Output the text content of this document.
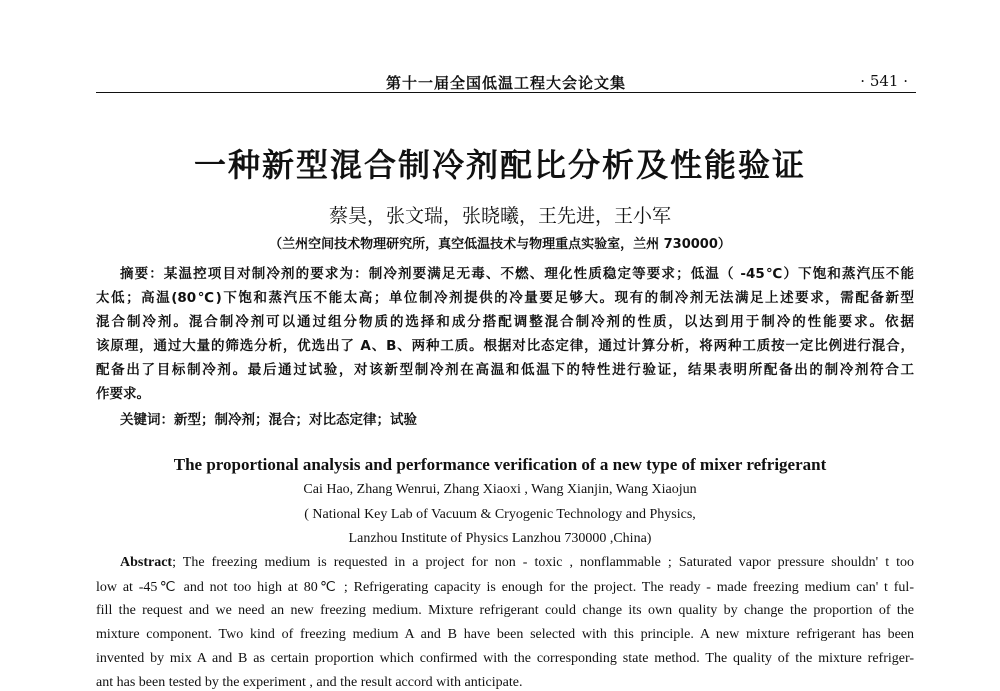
第十一届全国低温工程大会论文集	· 541 ·
一种新型混合制冷剂配比分析及性能验证
蔡昊，张文瑞，张晓曦，王先进，王小军
（兰州空间技术物理研究所，真空低温技术与物理重点实验室，兰州 730000）
摘要：某温控项目对制冷剂的要求为：制冷剂要满足无毒、不燃、理化性质稳定等要求；低温（ -45℃）下饱和蒸汽压不能
太低；高温(80℃)下饱和蒸汽压不能太高；单位制冷剂提供的冷量要足够大。现有的制冷剂无法满足上述要求，需配备新型
混合制冷剂。混合制冷剂可以通过组分物质的选择和成分搭配调整混合制冷剂的性质，以达到用于制冷的性能要求。依据
该原理，通过大量的筛选分析，优选出了 A、B、两种工质。根据对比态定律，通过计算分析，将两种工质按一定比例进行混合，
配备出了目标制冷剂。最后通过试验，对该新型制冷剂在高温和低温下的特性进行验证，结果表明所配备出的制冷剂符合工
作要求。
关键词：新型；制冷剂；混合；对比态定律；试验
The proportional analysis and performance verification of a new type of mixer refrigerant
Cai Hao, Zhang Wenrui, Zhang Xiaoxi , Wang Xianjin, Wang Xiaojun
( National Key Lab of Vacuum & Cryogenic Technology and Physics,
Lanzhou Institute of Physics Lanzhou 730000 ,China)
Abstract; The freezing medium is requested in a project for non - toxic , nonflammable ; Saturated vapor pressure shouldn' t too
low at -45℃ and not too high at 80℃ ; Refrigerating capacity is enough for the project. The ready - made freezing medium can' t ful-
fill the request and we need an new freezing medium. Mixture refrigerant could change its own quality by change the proportion of the
mixture component. Two kind of freezing medium A and B have been selected with this principle. A new mixture refrigerant has been
invented by mix A and B as certain proportion which confirmed with the corresponding state method. The quality of the mixture refriger-
ant has been tested by the experiment , and the result accord with anticipate.
